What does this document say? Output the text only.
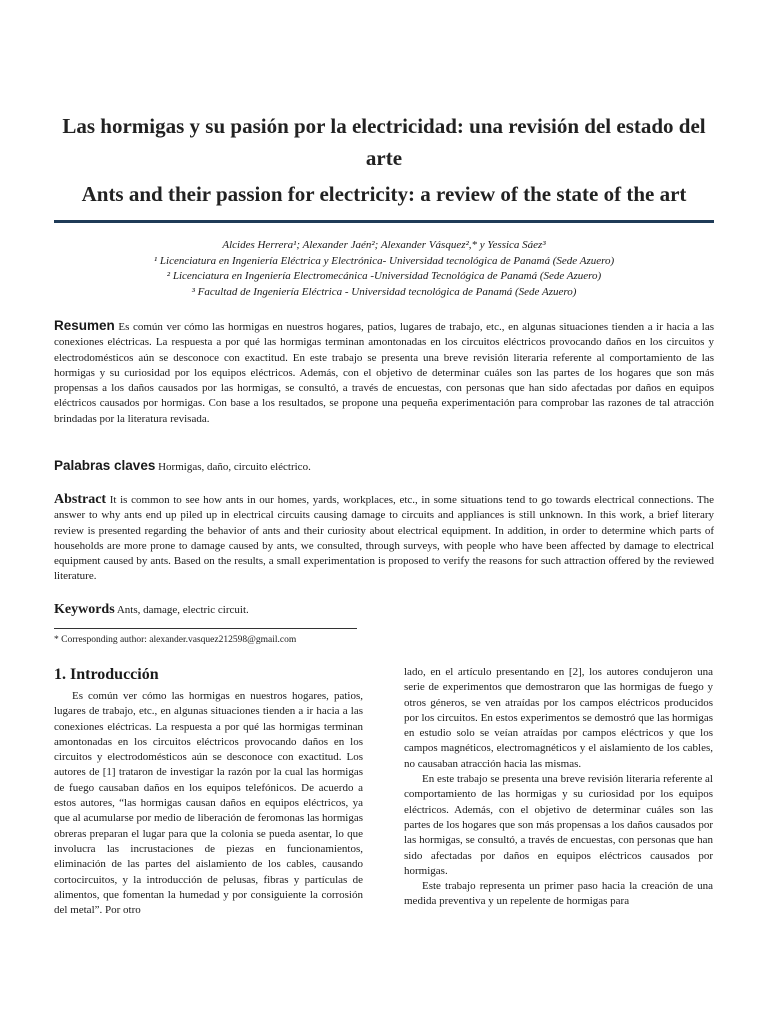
Las hormigas y su pasión por la electricidad: una revisión del estado del arte
Ants and their passion for electricity: a review of the state of the art
Alcides Herrera¹; Alexander Jaén²; Alexander Vásquez²,* y Yessica Sáez³
¹ Licenciatura en Ingeniería Eléctrica y Electrónica- Universidad tecnológica de Panamá (Sede Azuero)
² Licenciatura en Ingeniería Electromecánica -Universidad Tecnológica de Panamá (Sede Azuero)
³ Facultad de Ingeniería Eléctrica - Universidad tecnológica de Panamá (Sede Azuero)
Resumen Es común ver cómo las hormigas en nuestros hogares, patios, lugares de trabajo, etc., en algunas situaciones tienden a ir hacia a las conexiones eléctricas. La respuesta a por qué las hormigas terminan amontonadas en los circuitos eléctricos provocando daños en los circuitos y electrodomésticos aún se desconoce con exactitud. En este trabajo se presenta una breve revisión literaria referente al comportamiento de las hormigas y su curiosidad por los equipos eléctricos. Además, con el objetivo de determinar cuáles son las partes de los hogares que son más propensas a los daños causados por las hormigas, se consultó, a través de encuestas, con personas que han sido afectadas por daños en equipos eléctricos causados por hormigas. Con base a los resultados, se propone una pequeña experimentación para comprobar las razones de tal atracción brindadas por la literatura revisada.
Palabras claves Hormigas, daño, circuito eléctrico.
Abstract It is common to see how ants in our homes, yards, workplaces, etc., in some situations tend to go towards electrical connections. The answer to why ants end up piled up in electrical circuits causing damage to circuits and appliances is still unknown. In this work, a brief literary review is presented regarding the behavior of ants and their curiosity about electrical equipment. In addition, in order to determine which parts of households are more prone to damage caused by ants, we consulted, through surveys, with people who have been affected by damage to electrical equipment caused by ants. Based on the results, a small experimentation is proposed to verify the reasons for such attraction offered by the reviewed literature.
Keywords Ants, damage, electric circuit.
* Corresponding author: alexander.vasquez212598@gmail.com
1. Introducción

Es común ver cómo las hormigas en nuestros hogares, patios, lugares de trabajo, etc., en algunas situaciones tienden a ir hacia a las conexiones eléctricas. La respuesta a por qué las hormigas terminan amontonadas en los circuitos eléctricos provocando daños en los circuitos y electrodomésticos aún se desconoce con exactitud. Los autores de [1] trataron de investigar la razón por la cual las hormigas de fuego causaban daños en los equipos telefónicos. De acuerdo a estos autores, “las hormigas causan daños en equipos eléctricos, ya que al acumularse por medio de liberación de feromonas las hormigas obreras preparan el lugar para que la colonia se pueda asentar, lo que involucra las incrustaciones de piezas en funcionamientos, eliminación de las partes del aislamiento de los cables, causando cortocircuitos, y la introducción de pelusas, fibras y partículas de alimentos, que fomentan la humedad y por consiguiente la corrosión del metal”. Por otro

lado, en el artículo presentando en [2], los autores condujeron una serie de experimentos que demostraron que las hormigas de fuego y otros géneros, se ven atraídas por los campos eléctricos producidos por los circuitos. En estos experimentos se demostró que las hormigas en estudio solo se veían atraídas por campos eléctricos y que los campos magnéticos, electromagnéticos y el aislamiento de los cables, no causaban atracción hacia las mismas.

En este trabajo se presenta una breve revisión literaria referente al comportamiento de las hormigas y su curiosidad por los equipos eléctricos. Además, con el objetivo de determinar cuáles son las partes de los hogares que son más propensas a los daños causados por las hormigas, se consultó, a través de encuestas, con personas que han sido afectadas por daños en equipos eléctricos causados por hormigas.

Este trabajo representa un primer paso hacia la creación de una medida preventiva y un repelente de hormigas para
